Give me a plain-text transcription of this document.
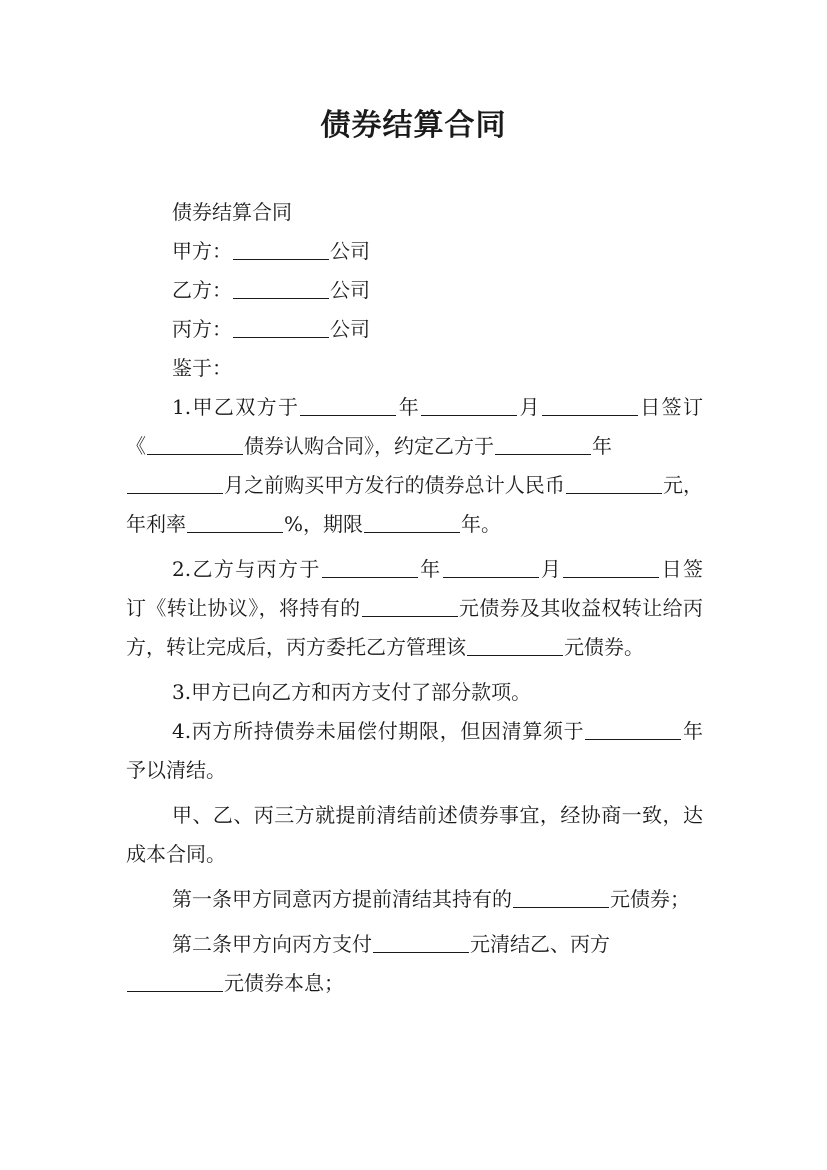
债券结算合同
债券结算合同
甲方：	公司
乙方：	公司
丙方：	公司
鉴于：
1.甲乙双方于	年	月	日签订《	债券认购合同》，约定乙方于	年
月之前购买甲方发行的债券总计人民币	元，年利率	%，期限	年。
2.乙方与丙方于	年	月	日签订《转让协议》，将持有的	元债券及其收益权转让给丙方，转让完成后，丙方委托乙方管理该	元债券。
3.甲方已向乙方和丙方支付了部分款项。
4.丙方所持债券未届偿付期限，但因清算须于	年予以清结。
甲、乙、丙三方就提前清结前述债券事宜，经协商一致，达成本合同。
第一条甲方同意丙方提前清结其持有的	元债券；
第二条甲方向丙方支付	元清结乙、丙方
元债券本息；
